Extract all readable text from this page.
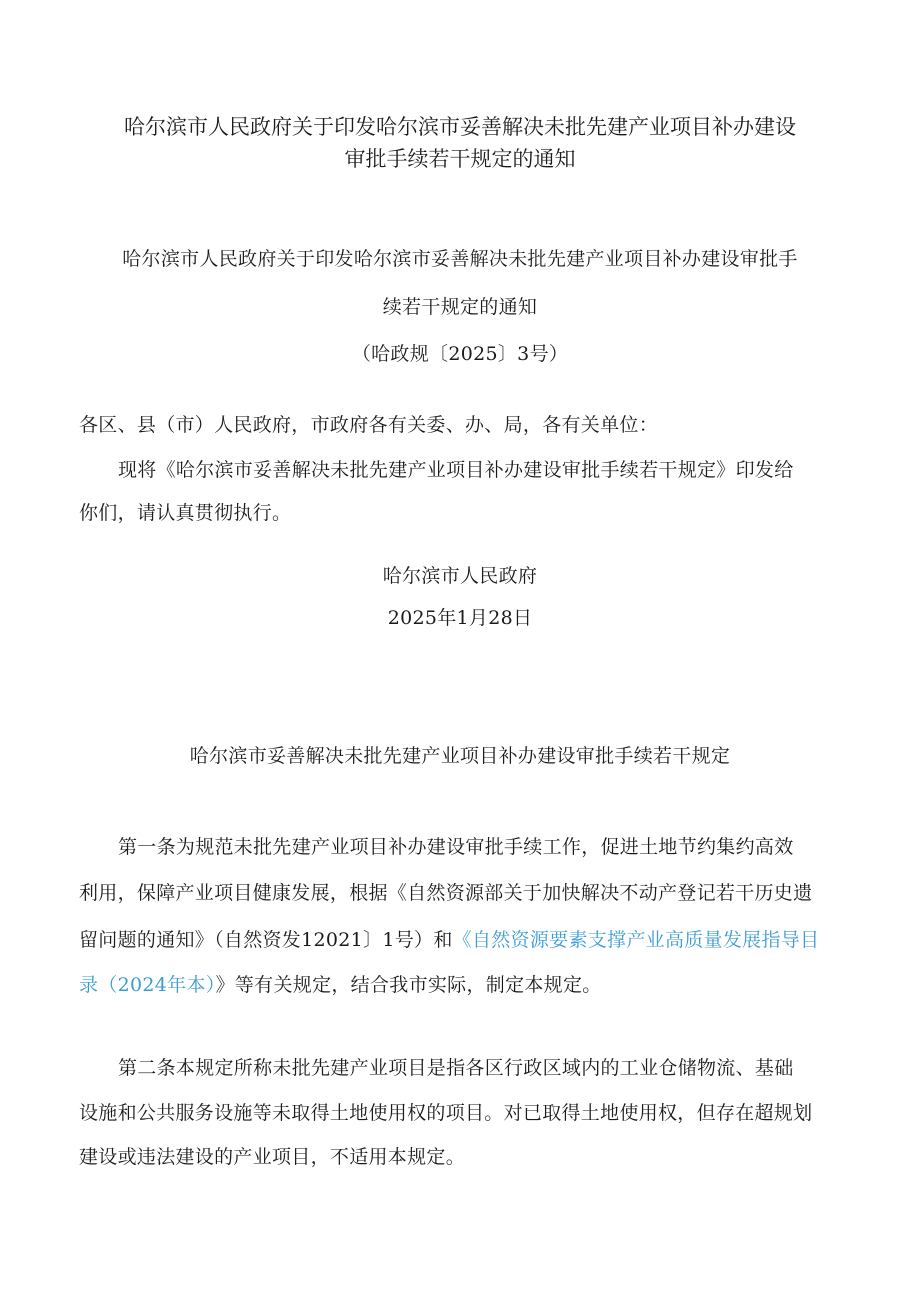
哈尔滨市人民政府关于印发哈尔滨市妥善解决未批先建产业项目补办建设
审批手续若干规定的通知
哈尔滨市人民政府关于印发哈尔滨市妥善解决未批先建产业项目补办建设审批手
续若干规定的通知
（哈政规〔2025〕3号）
各区、县（市）人民政府，市政府各有关委、办、局，各有关单位：
现将《哈尔滨市妥善解决未批先建产业项目补办建设审批手续若干规定》印发给
你们，请认真贯彻执行。
哈尔滨市人民政府
2025年1月28日
哈尔滨市妥善解决未批先建产业项目补办建设审批手续若干规定
第一条为规范未批先建产业项目补办建设审批手续工作，促进土地节约集约高效
利用，保障产业项目健康发展，根据《自然资源部关于加快解决不动产登记若干历史遗
留问题的通知》（自然资发12021〕1号）和《自然资源要素支撑产业高质量发展指导目
录（2024年本）》等有关规定，结合我市实际，制定本规定。
第二条本规定所称未批先建产业项目是指各区行政区域内的工业仓储物流、基础
设施和公共服务设施等未取得土地使用权的项目。对已取得土地使用权，但存在超规划
建设或违法建设的产业项目，不适用本规定。
